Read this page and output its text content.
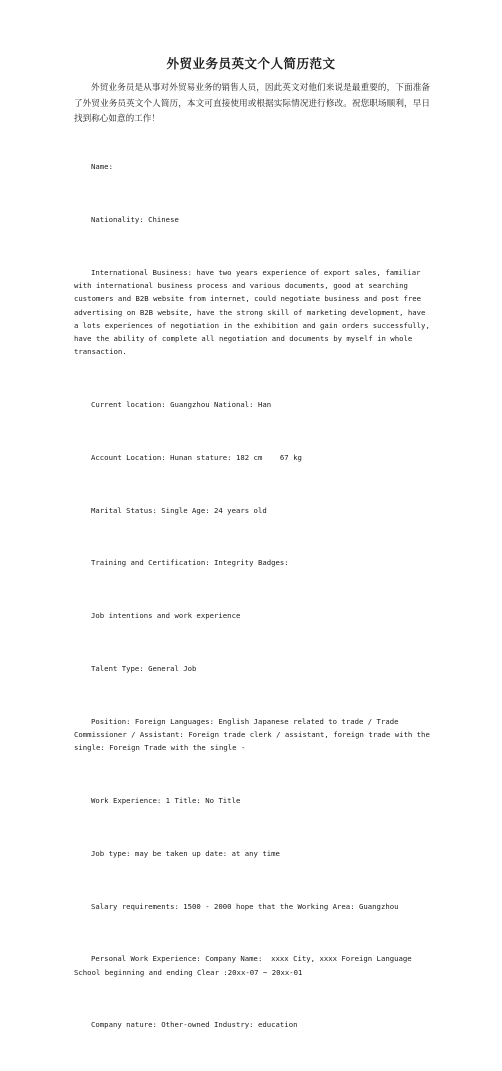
外贸业务员英文个人简历范文

外贸业务员是从事对外贸易业务的销售人员，因此英文对他们来说是最重要的，下面准备了外贸业务员英文个人简历，本文可直接使用或根据实际情况进行修改。祝您职场顺利，早日找到称心如意的工作！

Name:

Nationality: Chinese

International Business: have two years experience of export sales, familiar with international business process and various documents, good at searching customers and B2B website from internet, could negotiate business and post free advertising on B2B website, have the strong skill of marketing development, have a lots experiences of negotiation in the exhibition and gain orders successfully, have the ability of complete all negotiation and documents by myself in whole transaction.

Current location: Guangzhou National: Han

Account Location: Hunan stature: 182 cm    67 kg

Marital Status: Single Age: 24 years old

Training and Certification: Integrity Badges:

Job intentions and work experience

Talent Type: General Job

Position: Foreign Languages: English Japanese related to trade / Trade Commissioner / Assistant: Foreign trade clerk / assistant, foreign trade with the single: Foreign Trade with the single -

Work Experience: 1 Title: No Title

Job type: may be taken up date: at any time

Salary requirements: 1500 - 2000 hope that the Working Area: Guangzhou

Personal Work Experience: Company Name:  xxxx City, xxxx Foreign Language School beginning and ending Clear :20xx-07 ~ 20xx-01

Company nature: Other-owned Industry: education
